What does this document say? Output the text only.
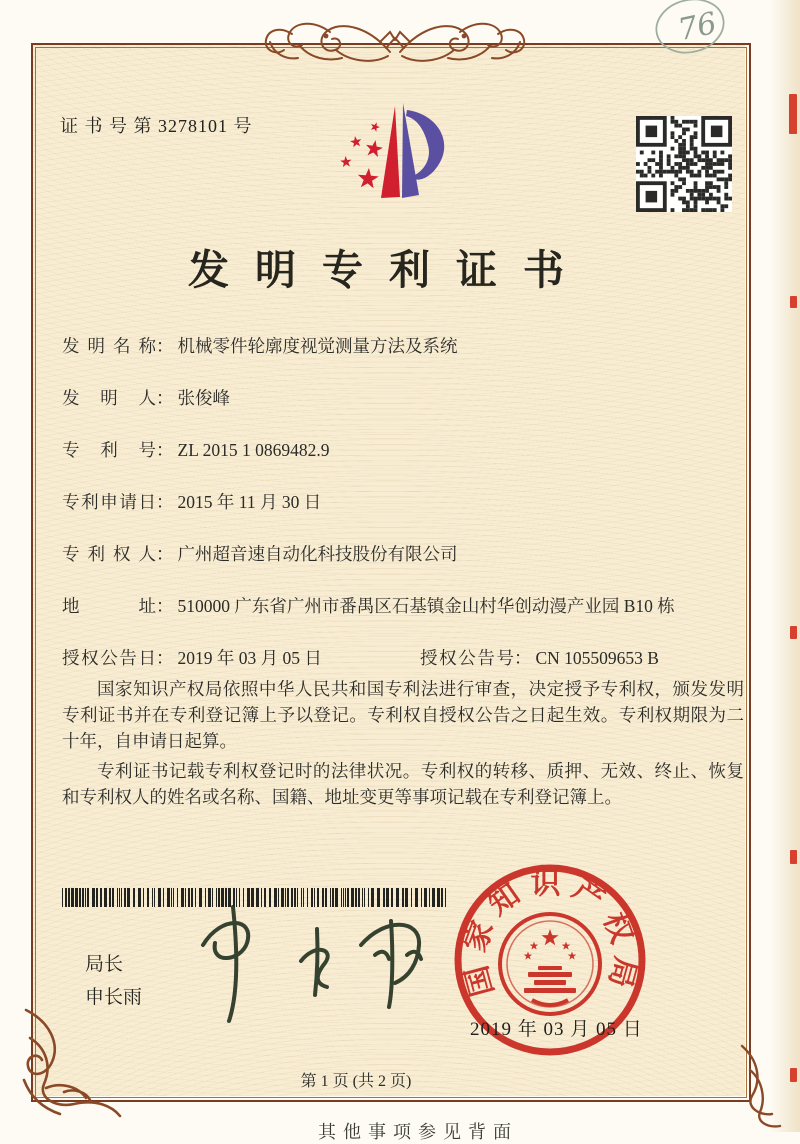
76
证 书 号 第 3278101 号
发明专利证书
发明名称 ： 机械零件轮廓度视觉测量方法及系统
发明人 ： 张俊峰
专利号 ： ZL 2015 1 0869482.9
专利申请日 ： 2015 年 11 月 30 日
专利权人 ： 广州超音速自动化科技股份有限公司
地址 ： 510000 广东省广州市番禺区石基镇金山村华创动漫产业园 B10 栋
授权公告日 ： 2019 年 03 月 05 日	授权公告号 ： CN 105509653 B

国家知识产权局依照中华人民共和国专利法进行审查，决定授予专利权，颁发发明专利证书并在专利登记簿上予以登记。专利权自授权公告之日起生效。专利权期限为二十年，自申请日起算。

专利证书记载专利权登记时的法律状况。专利权的转移、质押、无效、终止、恢复和专利权人的姓名或名称、国籍、地址变更等事项记载在专利登记簿上。

局长
申长雨	国家知识产权局
2019 年 03 月 05 日
第 1 页 (共 2 页)
其他事项参见背面
